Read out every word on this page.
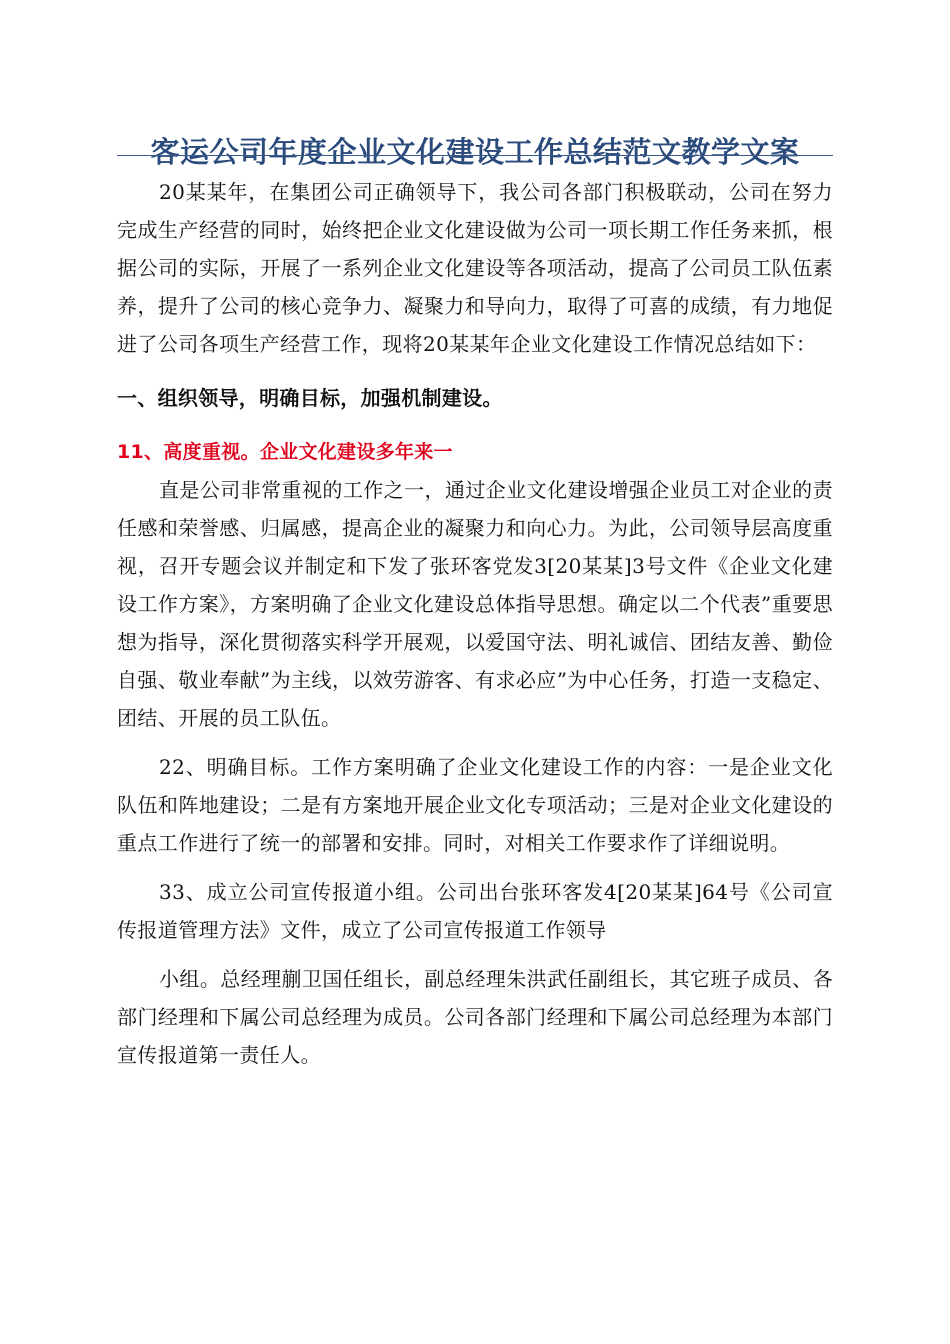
客运公司年度企业文化建设工作总结范文教学文案

20某某年，在集团公司正确领导下，我公司各部门积极联动，公司在努力完成生产经营的同时，始终把企业文化建设做为公司一项长期工作任务来抓，根据公司的实际，开展了一系列企业文化建设等各项活动，提高了公司员工队伍素养，提升了公司的核心竞争力、凝聚力和导向力，取得了可喜的成绩，有力地促进了公司各项生产经营工作，现将20某某年企业文化建设工作情况总结如下：

一、组织领导，明确目标，加强机制建设。
11、高度重视。企业文化建设多年来一

直是公司非常重视的工作之一，通过企业文化建设增强企业员工对企业的责任感和荣誉感、归属感，提高企业的凝聚力和向心力。为此，公司领导层高度重视，召开专题会议并制定和下发了张环客党发3[20某某]3号文件《企业文化建设工作方案》，方案明确了企业文化建设总体指导思想。确定以二个代表”重要思想为指导，深化贯彻落实科学开展观，以爱国守法、明礼诚信、团结友善、勤俭自强、敬业奉献”为主线，以效劳游客、有求必应”为中心任务，打造一支稳定、团结、开展的员工队伍。

22、明确目标。工作方案明确了企业文化建设工作的内容：一是企业文化队伍和阵地建设；二是有方案地开展企业文化专项活动；三是对企业文化建设的重点工作进行了统一的部署和安排。同时，对相关工作要求作了详细说明。

33、成立公司宣传报道小组。公司出台张环客发4[20某某]64号《公司宣传报道管理方法》文件，成立了公司宣传报道工作领导

小组。总经理蒯卫国任组长，副总经理朱洪武任副组长，其它班子成员、各部门经理和下属公司总经理为成员。公司各部门经理和下属公司总经理为本部门宣传报道第一责任人。
